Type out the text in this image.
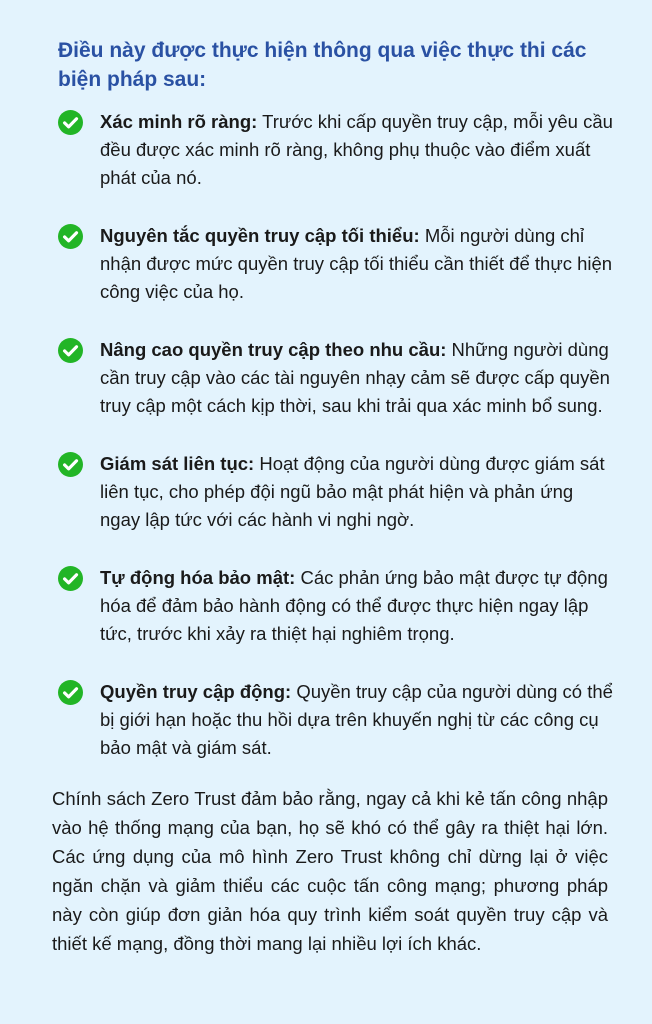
Điều này được thực hiện thông qua việc thực thi các biện pháp sau:
Xác minh rõ ràng: Trước khi cấp quyền truy cập, mỗi yêu cầu đều được xác minh rõ ràng, không phụ thuộc vào điểm xuất phát của nó.
Nguyên tắc quyền truy cập tối thiểu: Mỗi người dùng chỉ nhận được mức quyền truy cập tối thiểu cần thiết để thực hiện công việc của họ.
Nâng cao quyền truy cập theo nhu cầu: Những người dùng cần truy cập vào các tài nguyên nhạy cảm sẽ được cấp quyền truy cập một cách kịp thời, sau khi trải qua xác minh bổ sung.
Giám sát liên tục: Hoạt động của người dùng được giám sát liên tục, cho phép đội ngũ bảo mật phát hiện và phản ứng ngay lập tức với các hành vi nghi ngờ.
Tự động hóa bảo mật: Các phản ứng bảo mật được tự động hóa để đảm bảo hành động có thể được thực hiện ngay lập tức, trước khi xảy ra thiệt hại nghiêm trọng.
Quyền truy cập động: Quyền truy cập của người dùng có thể bị giới hạn hoặc thu hồi dựa trên khuyến nghị từ các công cụ bảo mật và giám sát.

Chính sách Zero Trust đảm bảo rằng, ngay cả khi kẻ tấn công nhập vào hệ thống mạng của bạn, họ sẽ khó có thể gây ra thiệt hại lớn. Các ứng dụng của mô hình Zero Trust không chỉ dừng lại ở việc ngăn chặn và giảm thiểu các cuộc tấn công mạng; phương pháp này còn giúp đơn giản hóa quy trình kiểm soát quyền truy cập và thiết kế mạng, đồng thời mang lại nhiều lợi ích khác.
